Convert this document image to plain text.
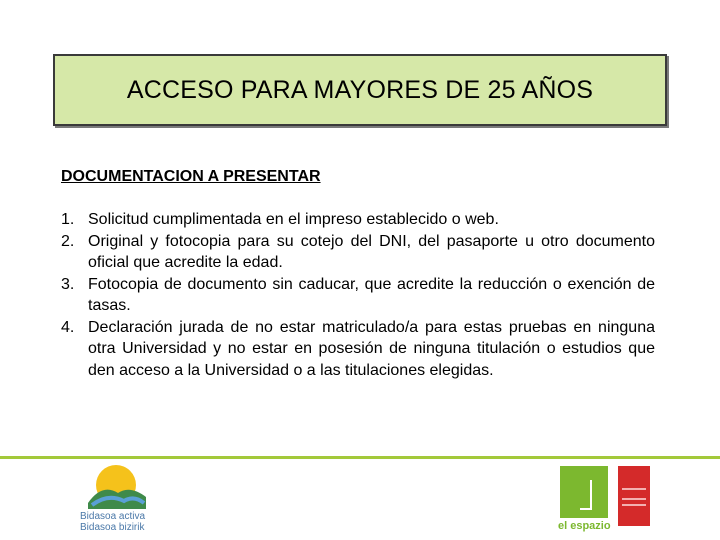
ACCESO PARA MAYORES DE 25 AÑOS
DOCUMENTACION A PRESENTAR
1. Solicitud cumplimentada en el impreso establecido o web.
2. Original y fotocopia para su cotejo del DNI, del pasaporte u otro documento oficial que acredite la edad.
3. Fotocopia de documento sin caducar, que acredite la reducción o exención de tasas.
4. Declaración jurada de no estar matriculado/a para estas pruebas en ninguna otra Universidad y no estar en posesión de ninguna titulación o estudios que den acceso a la Universidad o a las titulaciones elegidas.
Bidasoa activa
Bidasoa bizirik	el espazio
